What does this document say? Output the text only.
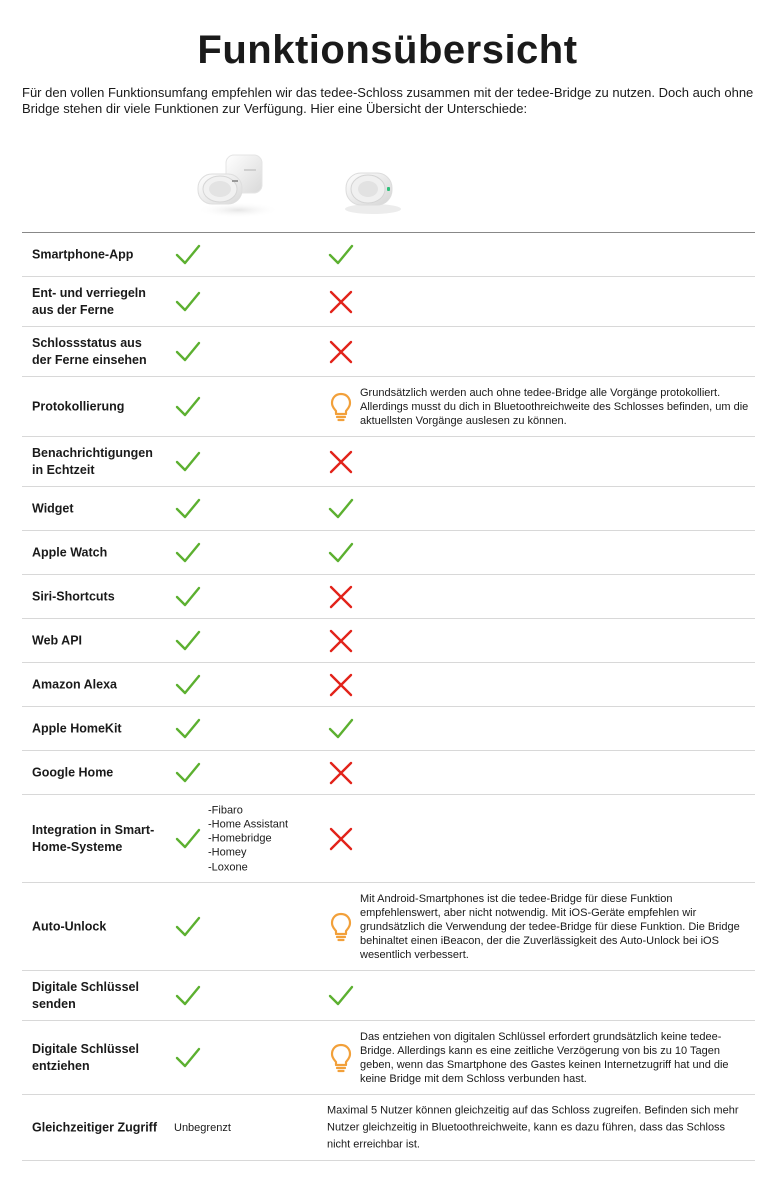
Funktionsübersicht

Für den vollen Funktionsumfang empfehlen wir das tedee-Schloss zusammen mit der tedee-Bridge zu nutzen. Doch auch ohne Bridge stehen dir viele Funktionen zur Verfügung. Hier eine Übersicht der Unterschiede:

Smartphone-App
Ent- und verriegeln aus der Ferne
Schlossstatus aus der Ferne einsehen
Protokollierung
Grundsätzlich werden auch ohne tedee-Bridge alle Vorgänge protokolliert. Allerdings musst du dich in Bluetoothreichweite des Schlosses befinden, um die aktuellsten Vorgänge auslesen zu können.
Benachrichtigungen in Echtzeit
Widget
Apple Watch
Siri-Shortcuts
Web API
Amazon Alexa
Apple HomeKit
Google Home
Integration in Smart-Home-Systeme
-Fibaro
-Home Assistant
-Homebridge
-Homey
-Loxone
Auto-Unlock
Mit Android-Smartphones ist die tedee-Bridge für diese Funktion empfehlenswert, aber nicht notwendig. Mit iOS-Geräte empfehlen wir grundsätzlich die Verwendung der tedee-Bridge für diese Funktion. Die Bridge behinaltet einen iBeacon, der die Zuverlässigkeit des Auto-Unlock bei iOS wesentlich verbessert.
Digitale Schlüssel senden
Digitale Schlüssel entziehen
Das entziehen von digitalen Schlüssel erfordert grundsätzlich keine tedee-Bridge. Allerdings kann es eine zeitliche Verzögerung von bis zu 10 Tagen geben, wenn das Smartphone des Gastes keinen Internetzugriff hat und die keine Bridge mit dem Schloss verbunden hast.
Gleichzeitiger Zugriff	Unbegrenzt
Maximal 5 Nutzer können gleichzeitig auf das Schloss zugreifen. Befinden sich mehr Nutzer gleichzeitig in Bluetoothreichweite, kann es dazu führen, dass das Schloss nicht erreichbar ist.
